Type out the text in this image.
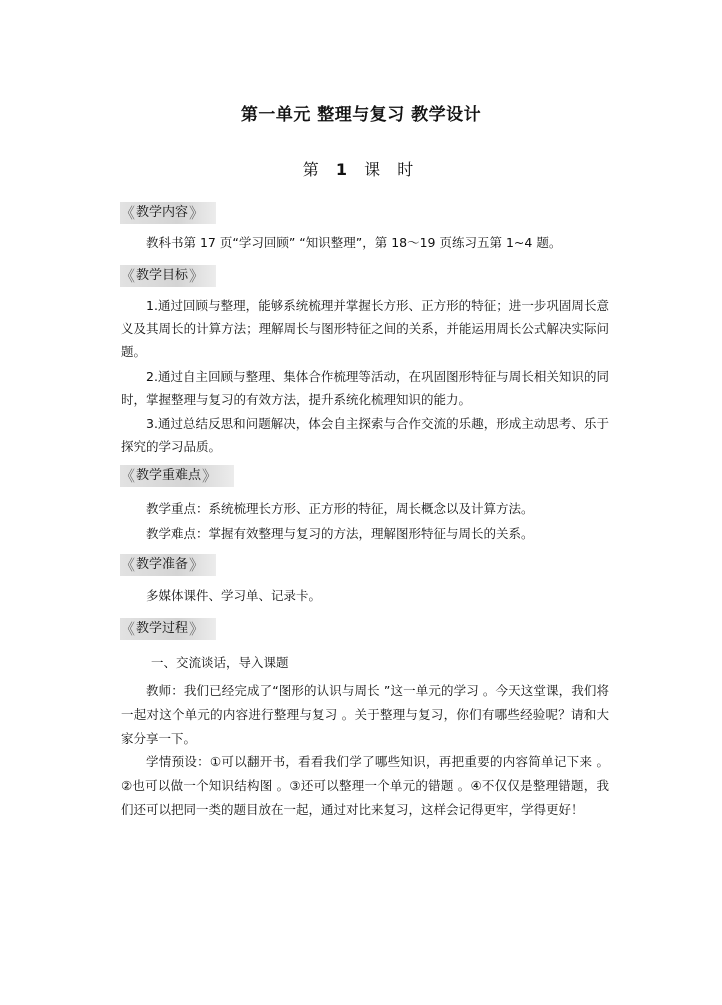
第一单元 整理与复习 教学设计
第 1 课 时
《 教学内容 》
教科书第 17 页“学习回顾” “知识整理”，第 18～19 页练习五第 1~4 题。
《 教学目标 》
1.通过回顾与整理，能够系统梳理并掌握长方形、正方形的特征；进一步巩固周长意义及其周长的计算方法；理解周长与图形特征之间的关系，并能运用周长公式解决实际问题。
2.通过自主回顾与整理、集体合作梳理等活动，在巩固图形特征与周长相关知识的同时，掌握整理与复习的有效方法，提升系统化梳理知识的能力。
3.通过总结反思和问题解决，体会自主探索与合作交流的乐趣，形成主动思考、乐于探究的学习品质。
《 教学重难点 》
教学重点：系统梳理长方形、正方形的特征，周长概念以及计算方法。
教学难点：掌握有效整理与复习的方法，理解图形特征与周长的关系。
《 教学准备 》
多媒体课件、学习单、记录卡。
《 教学过程 》
一、交流谈话，导入课题
教师：我们已经完成了“图形的认识与周长 ”这一单元的学习 。今天这堂课，我们将一起对这个单元的内容进行整理与复习 。关于整理与复习，你们有哪些经验呢？请和大家分享一下。
学情预设：①可以翻开书，看看我们学了哪些知识，再把重要的内容简单记下来 。②也可以做一个知识结构图 。③还可以整理一个单元的错题 。④不仅仅是整理错题，我们还可以把同一类的题目放在一起，通过对比来复习，这样会记得更牢，学得更好！
